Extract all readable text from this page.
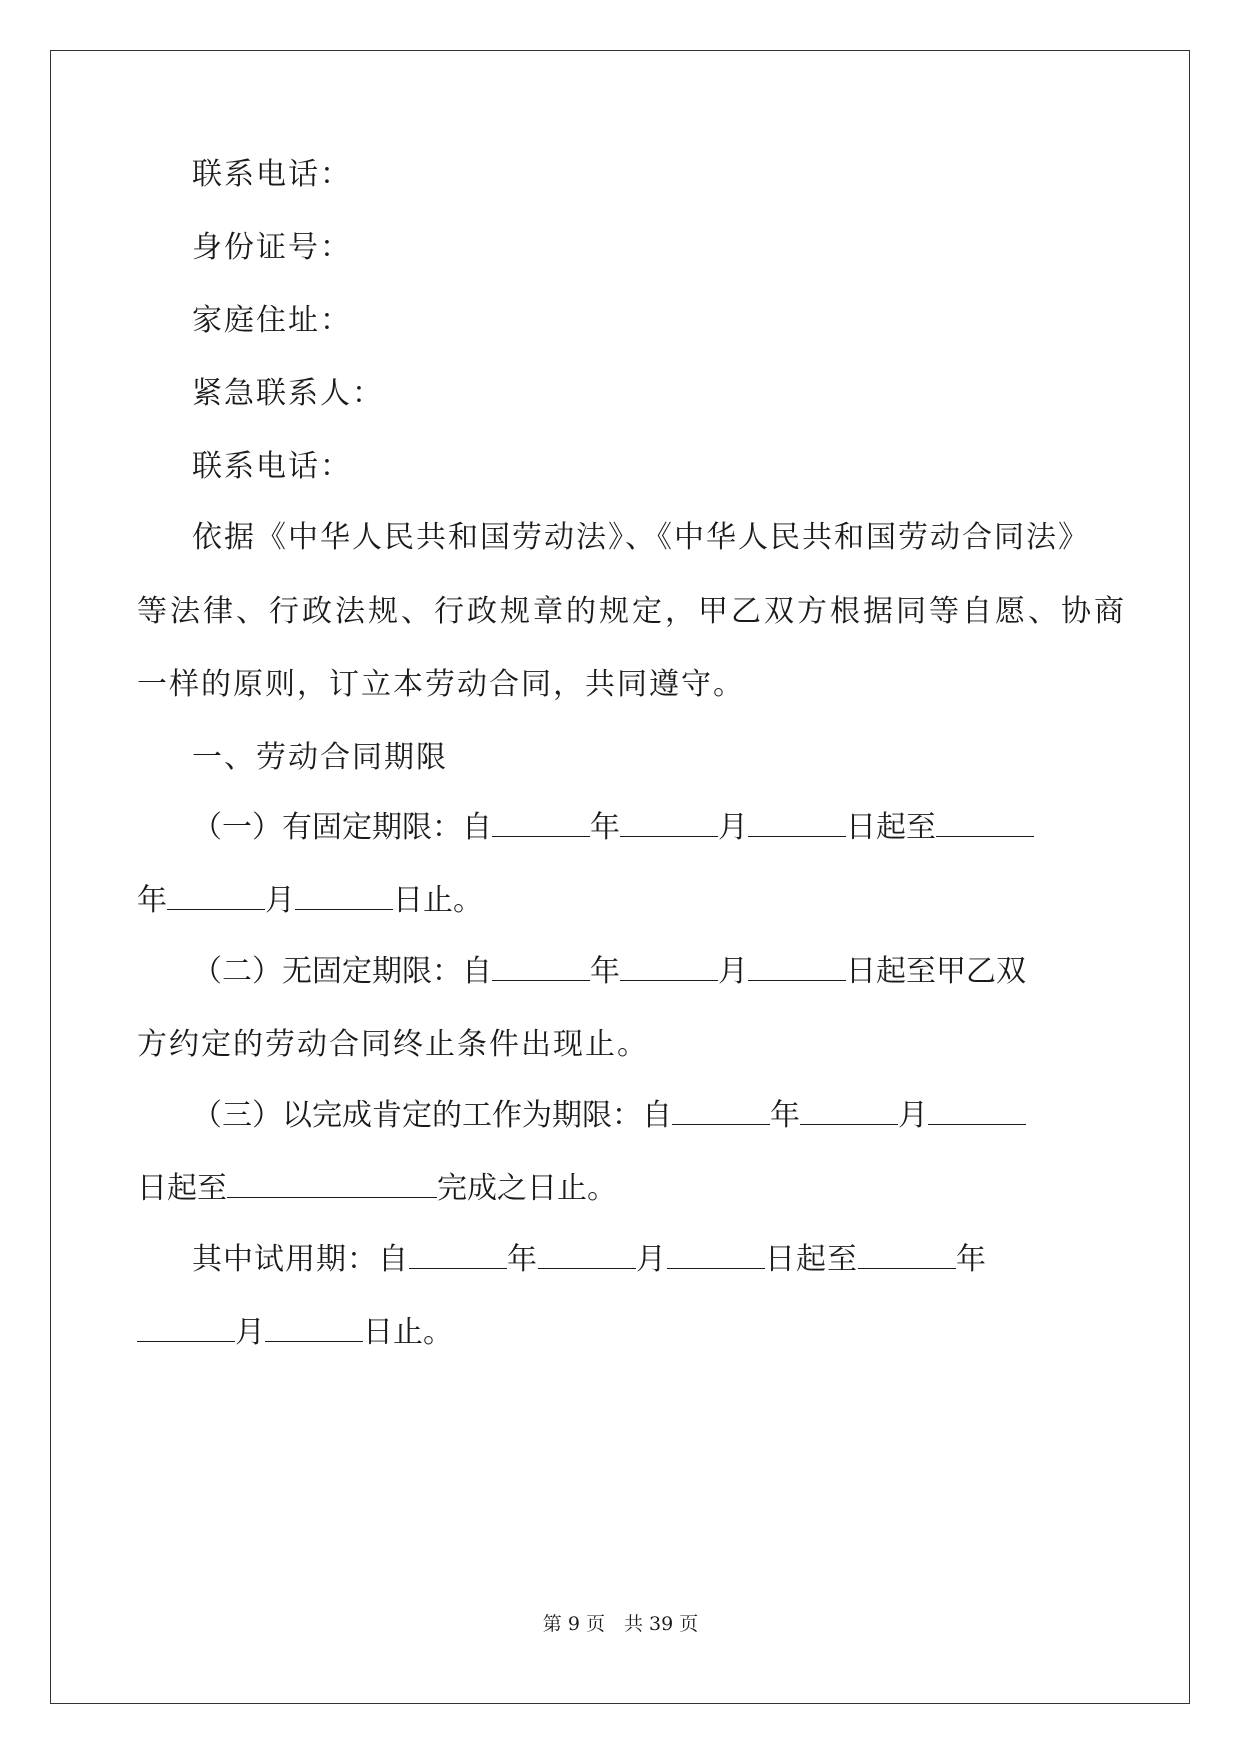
联系电话：
身份证号：
家庭住址：
紧急联系人：
联系电话：
依据《中华人民共和国劳动法》、《中华人民共和国劳动合同法》
等法律、行政法规、行政规章的规定，甲乙双方根据同等自愿、协商
一样的原则，订立本劳动合同，共同遵守。
一、劳动合同期限
（一）有固定期限：自	年	月	日起至
年	月	日止。
（二）无固定期限：自	年	月	日起至甲乙双
方约定的劳动合同终止条件出现止。
（三）以完成肯定的工作为期限：自	年	月
日起至	完成之日止。
其中试用期：自	年	月	日起至	年
月	日止。
第 9 页　共 39 页
